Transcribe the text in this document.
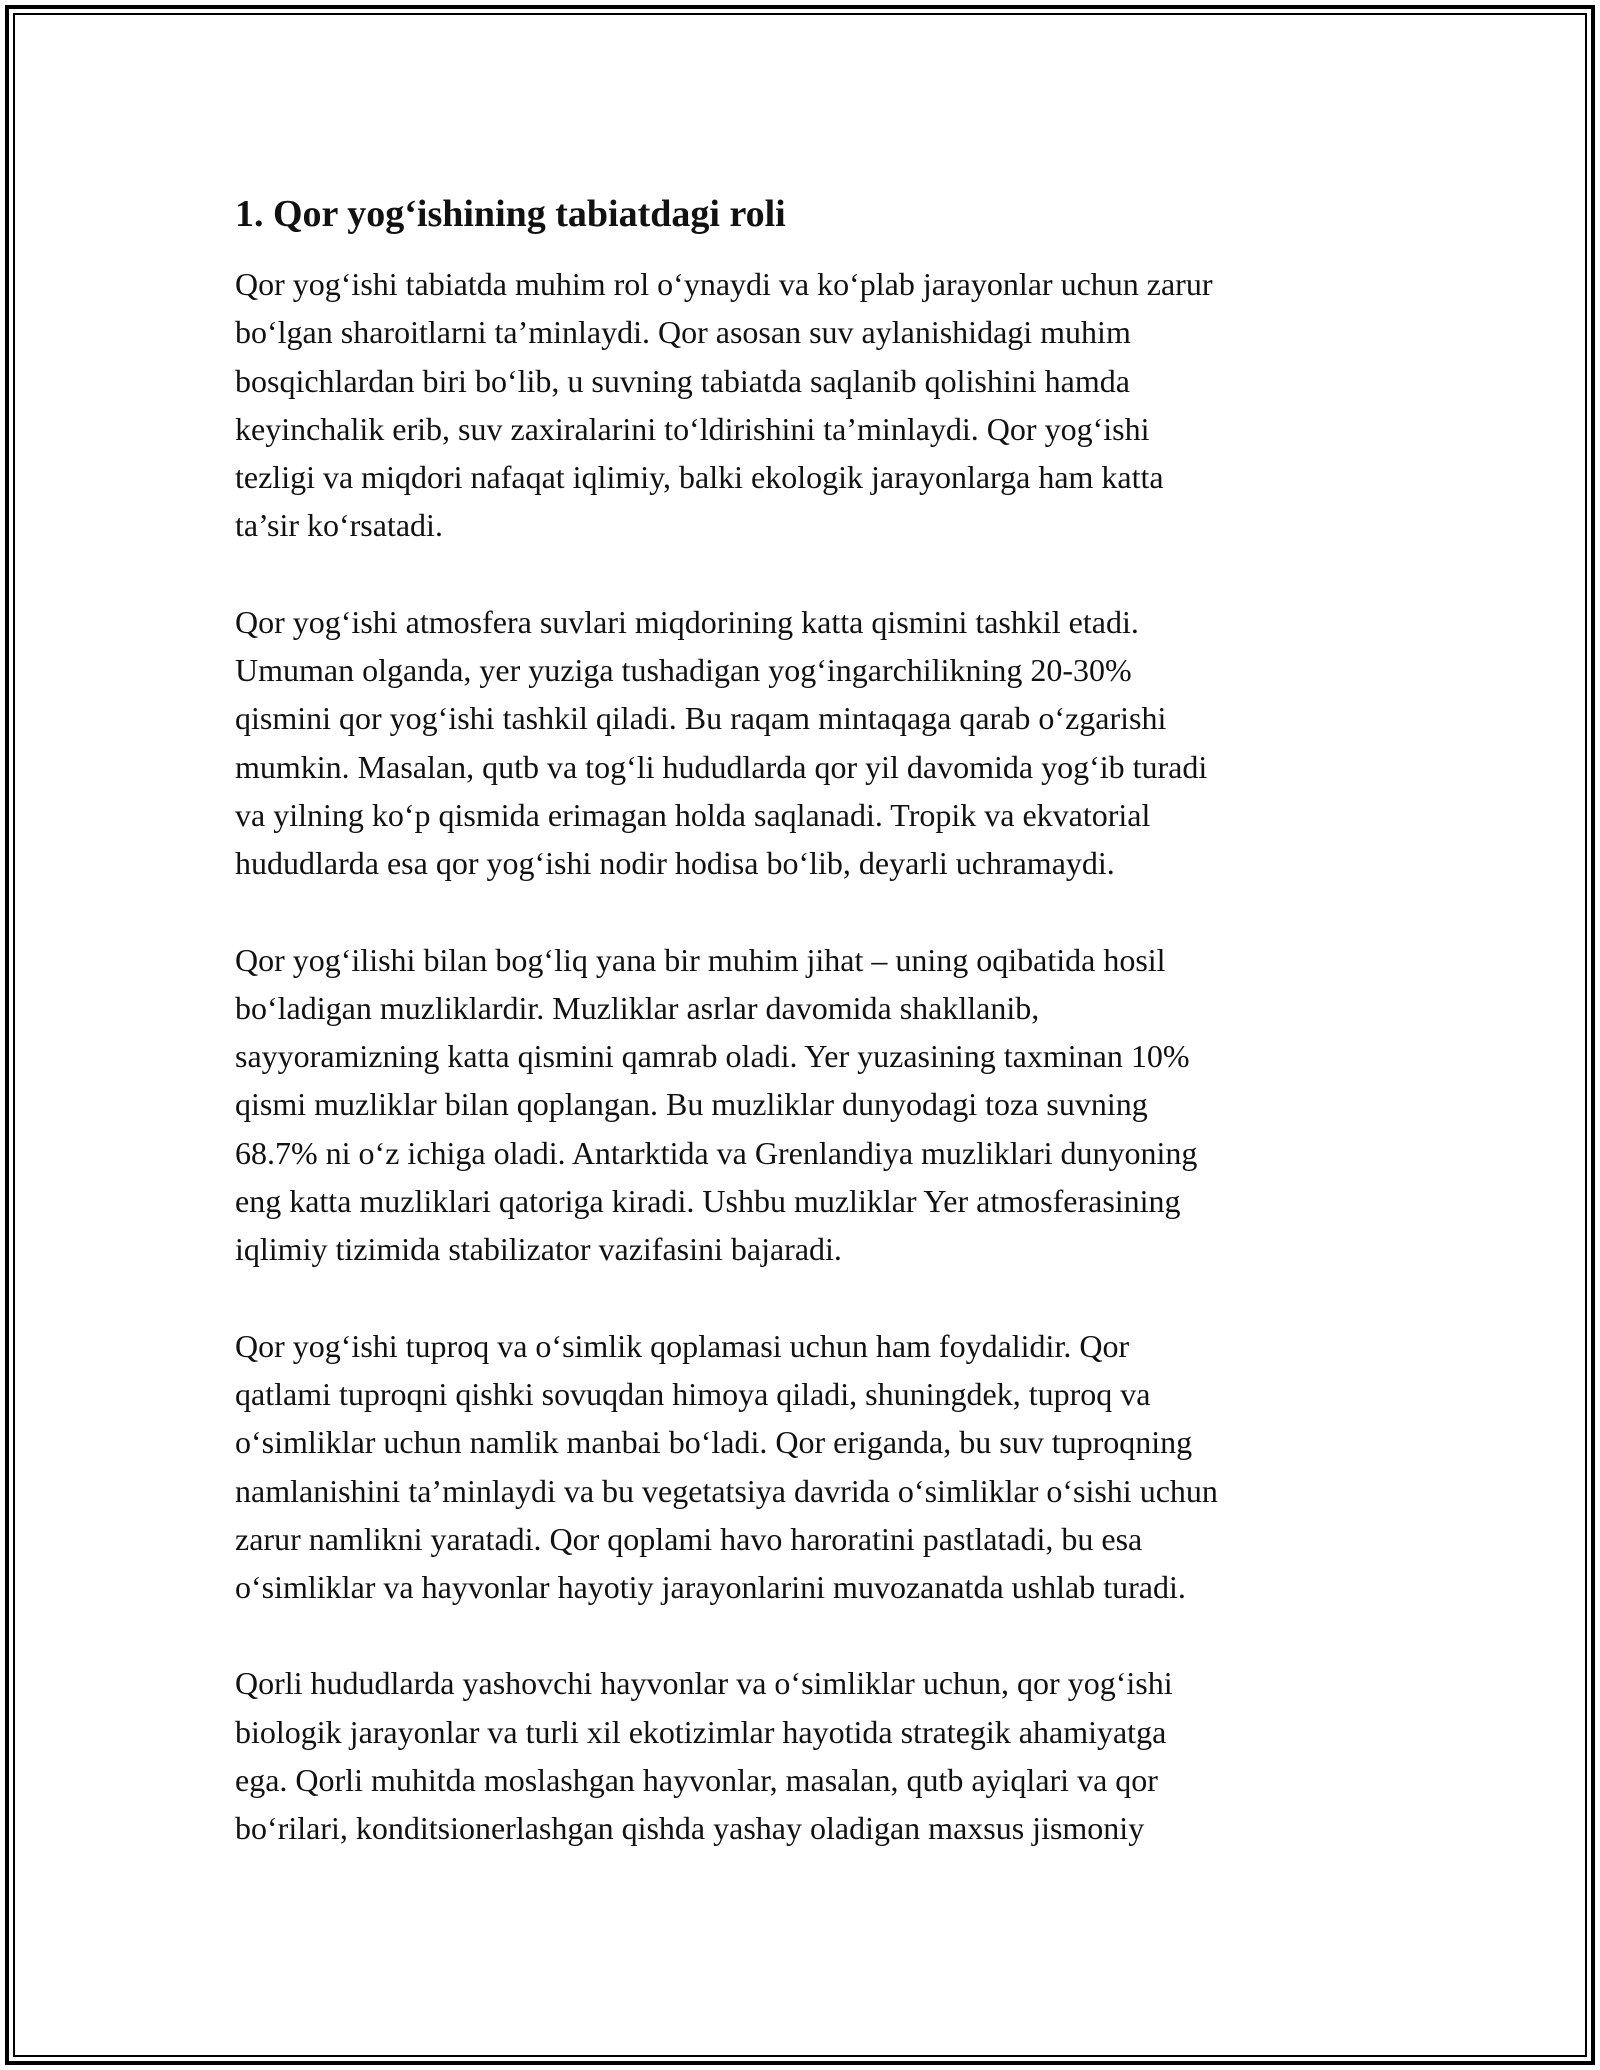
1. Qor yog‘ishining tabiatdagi roli
Qor yog‘ishi tabiatda muhim rol o‘ynaydi va ko‘plab jarayonlar uchun zarur
bo‘lgan sharoitlarni ta’minlaydi. Qor asosan suv aylanishidagi muhim
bosqichlardan biri bo‘lib, u suvning tabiatda saqlanib qolishini hamda
keyinchalik erib, suv zaxiralarini to‘ldirishini ta’minlaydi. Qor yog‘ishi
tezligi va miqdori nafaqat iqlimiy, balki ekologik jarayonlarga ham katta
ta’sir ko‘rsatadi.
Qor yog‘ishi atmosfera suvlari miqdorining katta qismini tashkil etadi.
Umuman olganda, yer yuziga tushadigan yog‘ingarchilikning 20-30%
qismini qor yog‘ishi tashkil qiladi. Bu raqam mintaqaga qarab o‘zgarishi
mumkin. Masalan, qutb va tog‘li hududlarda qor yil davomida yog‘ib turadi
va yilning ko‘p qismida erimagan holda saqlanadi. Tropik va ekvatorial
hududlarda esa qor yog‘ishi nodir hodisa bo‘lib, deyarli uchramaydi.
Qor yog‘ilishi bilan bog‘liq yana bir muhim jihat – uning oqibatida hosil
bo‘ladigan muzliklardir. Muzliklar asrlar davomida shakllanib,
sayyoramizning katta qismini qamrab oladi. Yer yuzasining taxminan 10%
qismi muzliklar bilan qoplangan. Bu muzliklar dunyodagi toza suvning
68.7% ni o‘z ichiga oladi. Antarktida va Grenlandiya muzliklari dunyoning
eng katta muzliklari qatoriga kiradi. Ushbu muzliklar Yer atmosferasining
iqlimiy tizimida stabilizator vazifasini bajaradi.
Qor yog‘ishi tuproq va o‘simlik qoplamasi uchun ham foydalidir. Qor
qatlami tuproqni qishki sovuqdan himoya qiladi, shuningdek, tuproq va
o‘simliklar uchun namlik manbai bo‘ladi. Qor eriganda, bu suv tuproqning
namlanishini ta’minlaydi va bu vegetatsiya davrida o‘simliklar o‘sishi uchun
zarur namlikni yaratadi. Qor qoplami havo haroratini pastlatadi, bu esa
o‘simliklar va hayvonlar hayotiy jarayonlarini muvozanatda ushlab turadi.
Qorli hududlarda yashovchi hayvonlar va o‘simliklar uchun, qor yog‘ishi
biologik jarayonlar va turli xil ekotizimlar hayotida strategik ahamiyatga
ega. Qorli muhitda moslashgan hayvonlar, masalan, qutb ayiqlari va qor
bo‘rilari, konditsionerlashgan qishda yashay oladigan maxsus jismoniy
